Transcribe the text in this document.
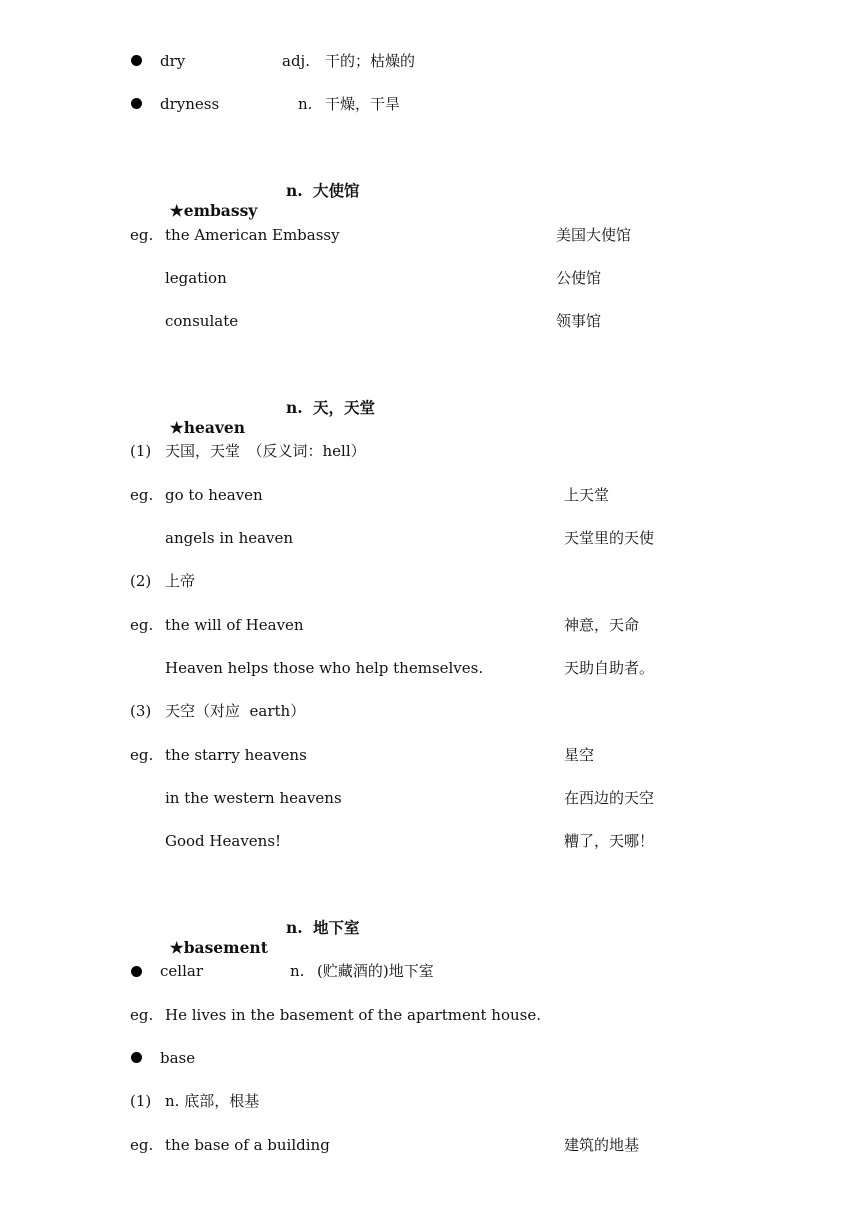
dry	adj. 干的；枯燥的
dryness	n. 干燥，干旱

★embassy

n. 大使馆
eg. the American Embassy	美国大使馆
legation	公使馆
consulate	领事馆

★heaven

n. 天，天堂
(1) 天国，天堂　（反义词：hell）
eg. go to heaven	上天堂
angels in heaven	天堂里的天使
(2) 上帝
eg. the will of Heaven	神意，天命
Heaven helps those who help themselves.	天助自助者。
(3) 天空（对应  earth）
eg. the starry heavens	星空
in the western heavens	在西边的天空
Good Heavens!	糟了，天哪！

★basement

n. 地下室
cellar	n. (贮藏酒的)地下室
eg. He lives in the basement of the apartment house.
base
(1) n. 底部，根基
eg. the base of a building	建筑的地基
